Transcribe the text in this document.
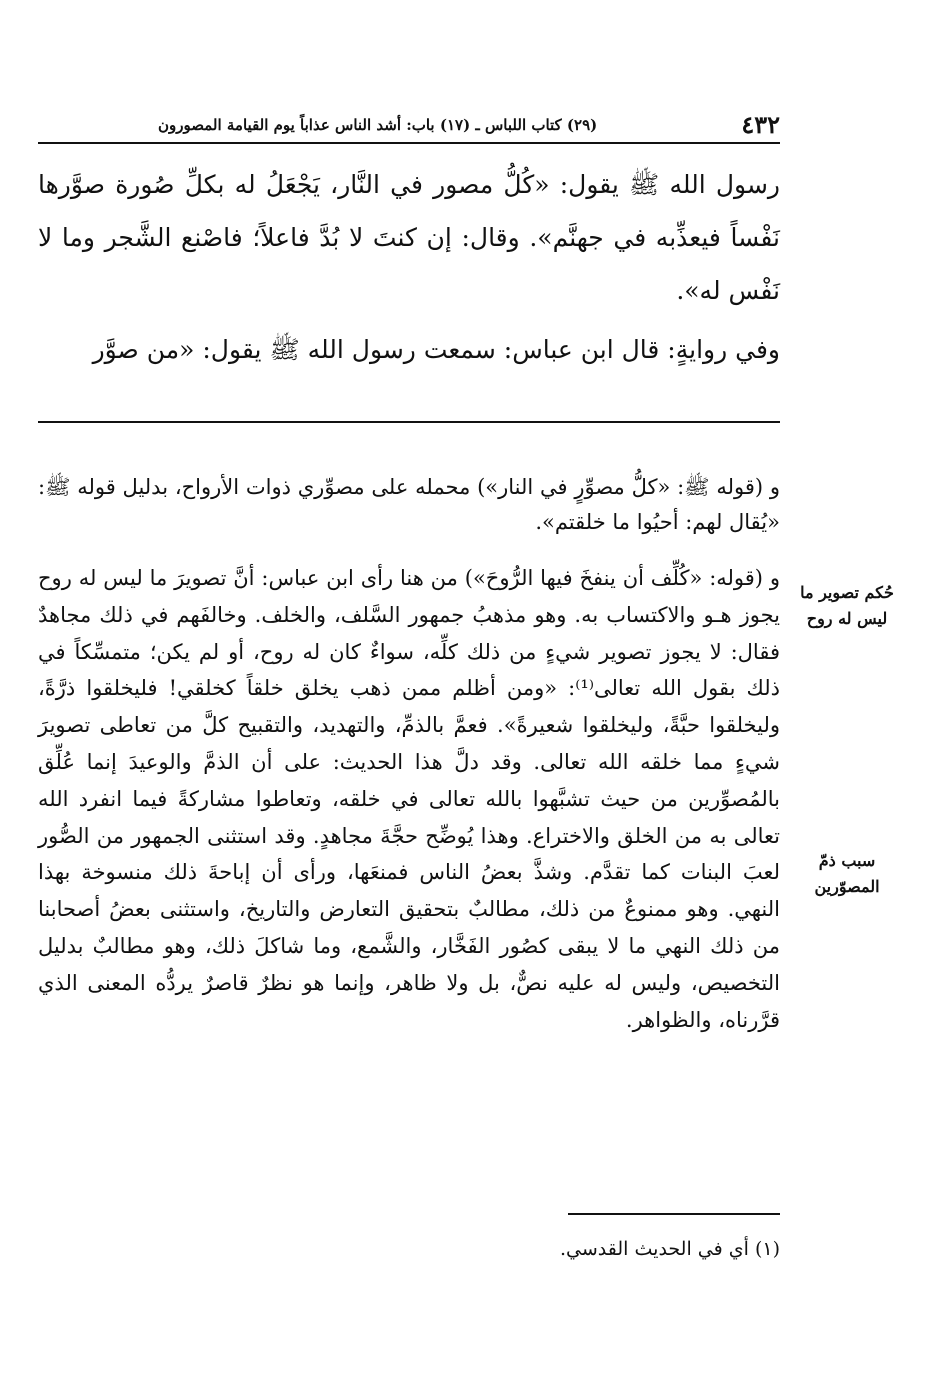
٤٣٢
(٢٩) كتاب اللباس ـ (١٧) باب: أشد الناس عذاباً يوم القيامة المصورون

رسول الله ﷺ يقول: «كُلُّ مصور في النَّار، يَجْعَلُ له بكلِّ صُورة صوَّرها نَفْساً فيعذِّبه في جهنَّم». وقال: إن كنتَ لا بُدَّ فاعلاً؛ فاصْنع الشَّجر وما لا نَفْس له».

وفي روايةٍ: قال ابن عباس: سمعت رسول الله ﷺ يقول: «من صوَّر

و (قوله ﷺ: «كلُّ مصوِّرٍ في النار») محمله على مصوِّري ذوات الأرواح، بدليل قوله ﷺ: «يُقال لهم: أحيُوا ما خلقتم».

و (قوله: «كُلِّف أن ينفخَ فيها الرُّوحَ») من هنا رأى ابن عباس: أنَّ تصويرَ ما ليس له روح يجوز هـو والاكتساب به. وهو مذهبُ جمهور السَّلف، والخلف. وخالفَهم في ذلك مجاهدٌ فقال: لا يجوز تصوير شيءٍ من ذلك كلِّه، سواءٌ كان له روح، أو لم يكن؛ متمسِّكاً في ذلك بقول الله تعالى⁽¹⁾: «ومن أظلم ممن ذهب يخلق خلقاً كخلقي! فليخلقوا ذرَّةً، وليخلقوا حبَّةً، وليخلقوا شعيرةً». فعمَّ بالذمِّ، والتهديد، والتقبيح كلَّ من تعاطى تصويرَ شيءٍ مما خلقه الله تعالى. وقد دلَّ هذا الحديث: على أن الذمَّ والوعيدَ إنما عُلِّق بالمُصوِّرين من حيث تشبَّهوا بالله تعالى في خلقه، وتعاطوا مشاركةً فيما انفرد الله تعالى به من الخلق والاختراع. وهذا يُوضِّح حجَّةَ مجاهدٍ. وقد استثنى الجمهور من الصُّور لعبَ البنات كما تقدَّم. وشذَّ بعضُ الناس فمنعَها، ورأى أن إباحةَ ذلك منسوخة بهذا النهي. وهو ممنوعٌ من ذلك، مطالبٌ بتحقيق التعارض والتاريخ، واستثنى بعضُ أصحابنا من ذلك النهي ما لا يبقى كصُور الفَخَّار، والشَّمع، وما شاكلَ ذلك، وهو مطالبٌ بدليل التخصيص، وليس له عليه نصٌّ، بل ولا ظاهر، وإنما هو نظرٌ قاصرٌ يردُّه المعنى الذي قرَّرناه، والظواهر.

حُكم تصوير ما ليس له روح
سبب ذمّ المصوّرين
(١) أي في الحديث القدسي.
